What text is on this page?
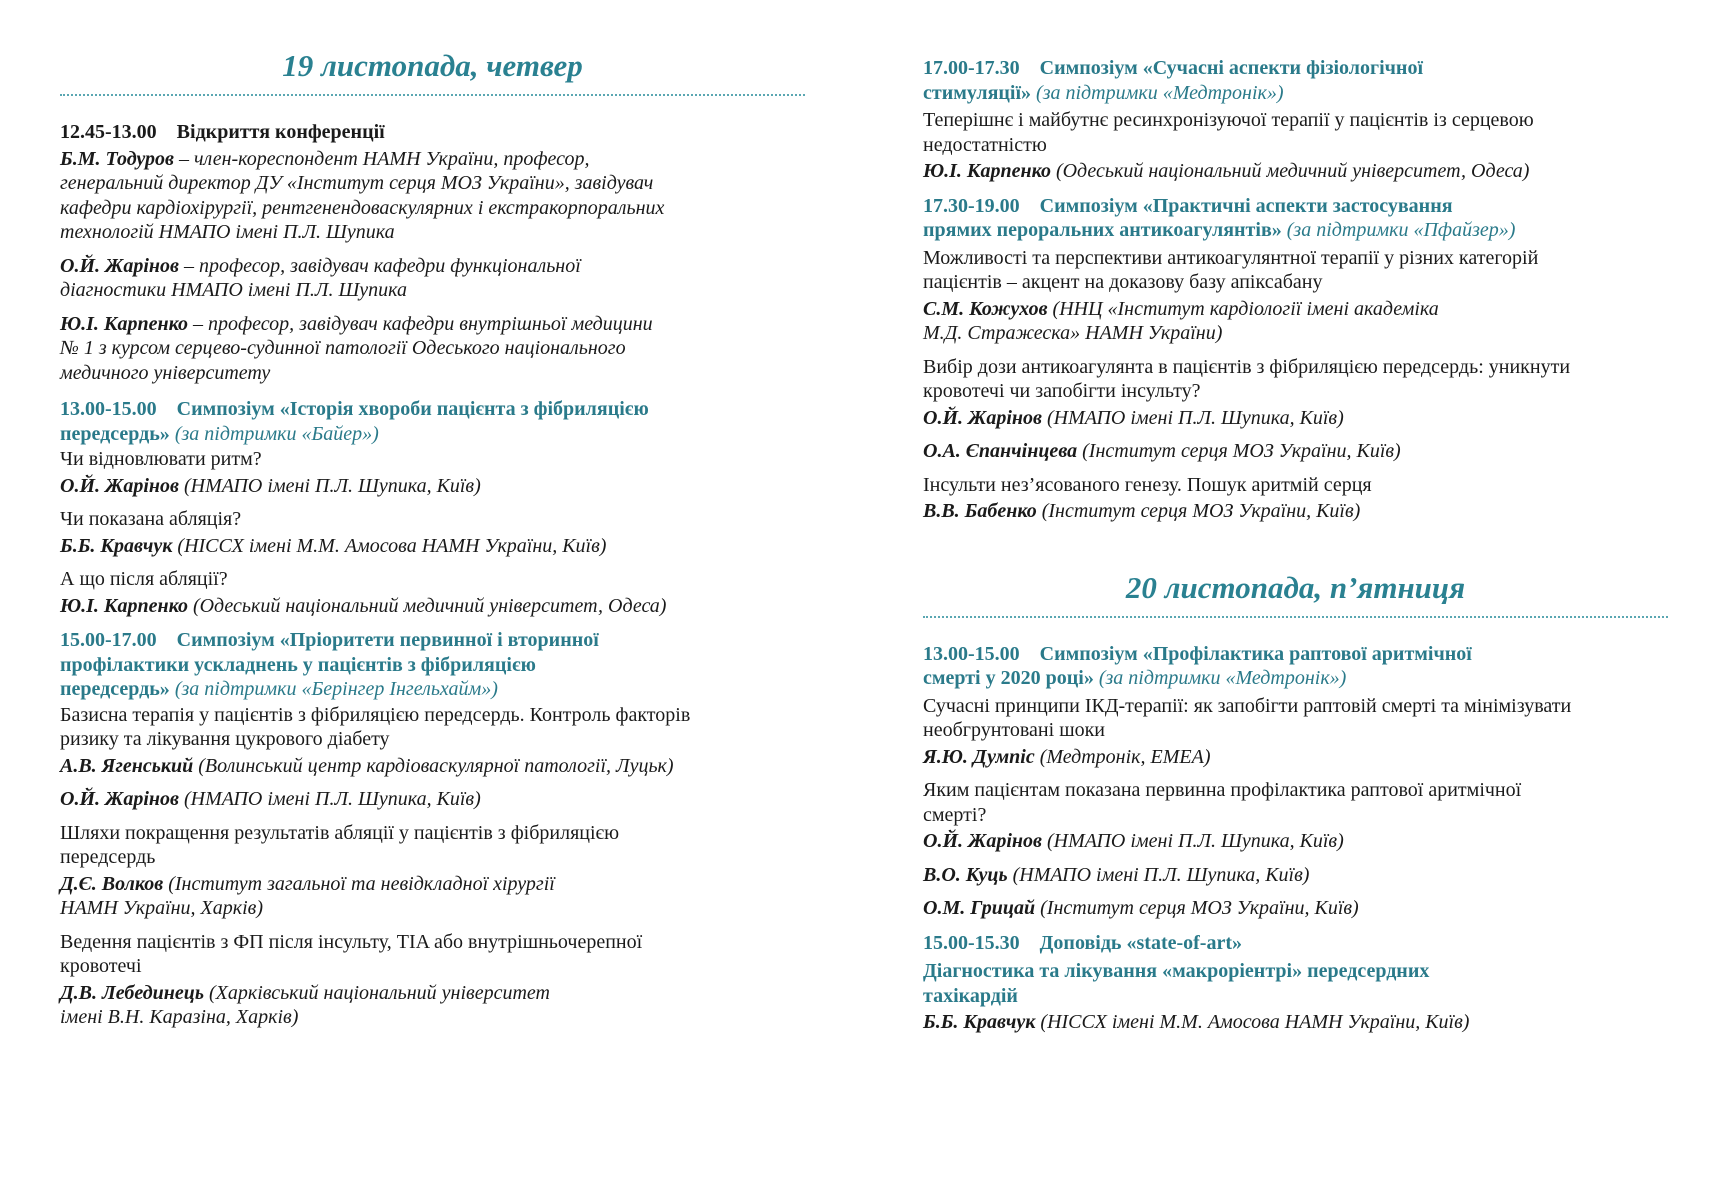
19 листопада, четвер

12.45-13.00 Відкриття конференції

Б.М. Тодуров – член-кореспондент НАМН України, професор,
генеральний директор ДУ «Інститут серця МОЗ України», завідувач
кафедри кардіохірургії, рентгенендоваскулярних і екстракорпоральних
технологій НМАПО імені П.Л. Шупика

О.Й. Жарінов – професор, завідувач кафедри функціональної
діагностики НМАПО імені П.Л. Шупика

Ю.І. Карпенко – професор, завідувач кафедри внутрішньої медицини
№ 1 з курсом серцево-судинної патології Одеського національного
медичного університету

13.00-15.00 Симпозіум «Історія хвороби пацієнта з фібриляцією
передсердь» (за підтримки «Байер»)

Чи відновлювати ритм?

О.Й. Жарінов (НМАПО імені П.Л. Шупика, Київ)

Чи показана абляція?

Б.Б. Кравчук (НІССХ імені М.М. Амосова НАМН України, Київ)

А що після абляції?

Ю.І. Карпенко (Одеський національний медичний університет, Одеса)

15.00-17.00 Симпозіум «Пріоритети первинної і вторинної
профілактики ускладнень у пацієнтів з фібриляцією
передсердь» (за підтримки «Берінгер Інгельхайм»)

Базисна терапія у пацієнтів з фібриляцією передсердь. Контроль факторів
ризику та лікування цукрового діабету

А.В. Ягенський (Волинський центр кардіоваскулярної патології, Луцьк)

О.Й. Жарінов (НМАПО імені П.Л. Шупика, Київ)

Шляхи покращення результатів абляції у пацієнтів з фібриляцією
передсердь

Д.Є. Волков (Інститут загальної та невідкладної хірургії
НАМН України, Харків)

Ведення пацієнтів з ФП після інсульту, TIA або внутрішньочерепної
кровотечі

Д.В. Лебединець (Харківський національний університет
імені В.Н. Каразіна, Харків)

17.00-17.30 Симпозіум «Сучасні аспекти фізіологічної
стимуляції» (за підтримки «Медтронік»)

Теперішнє і майбутнє ресинхронізуючої терапії у пацієнтів із серцевою
недостатністю

Ю.І. Карпенко (Одеський національний медичний університет, Одеса)

17.30-19.00 Симпозіум «Практичні аспекти застосування
прямих пероральних антикоагулянтів» (за підтримки «Пфайзер»)

Можливості та перспективи антикоагулянтної терапії у різних категорій
пацієнтів – акцент на доказову базу апіксабану

С.М. Кожухов (ННЦ «Інститут кардіології імені академіка
М.Д. Стражеска» НАМН України)

Вибір дози антикоагулянта в пацієнтів з фібриляцією передсердь: уникнути
кровотечі чи запобігти інсульту?

О.Й. Жарінов (НМАПО імені П.Л. Шупика, Київ)

О.А. Єпанчінцева (Інститут серця МОЗ України, Київ)

Інсульти нез’ясованого генезу. Пошук аритмій серця

В.В. Бабенко (Інститут серця МОЗ України, Київ)

20 листопада, п’ятниця

13.00-15.00 Симпозіум «Профілактика раптової аритмічної
смерті у 2020 році» (за підтримки «Медтронік»)

Сучасні принципи ІКД-терапії: як запобігти раптовій смерті та мінімізувати
необгрунтовані шоки

Я.Ю. Думпіс (Медтронік, ЕМЕА)

Яким пацієнтам показана первинна профілактика раптової аритмічної
смерті?

О.Й. Жарінов (НМАПО імені П.Л. Шупика, Київ)

В.О. Куць (НМАПО імені П.Л. Шупика, Київ)

О.М. Грицай (Інститут серця МОЗ України, Київ)

15.00-15.30 Доповідь «state-of-art»

Діагностика та лікування «макроріентрі» передсердних
тахікардій

Б.Б. Кравчук (НІССХ імені М.М. Амосова НАМН України, Київ)
